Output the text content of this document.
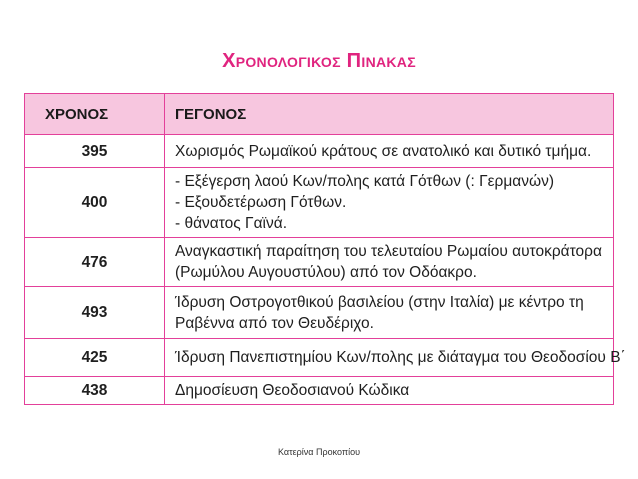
Χρονολογικος Πινακας
ΧΡΟΝΟΣ	ΓΕΓΟΝΟΣ
395	Χωρισμός Ρωμαϊκού κράτους σε ανατολικό και δυτικό τμήμα.

400	- Εξέγερση λαού Κων/πολης κατά Γότθων (: Γερμανών)
- Εξουδετέρωση Γότθων.
- θάνατος Γαϊνά.

476	Αναγκαστική παραίτηση του τελευταίου Ρωμαίου αυτοκράτορα
(Ρωμύλου Αυγουστύλου) από τον Οδόακρο.

493	Ίδρυση Οστρογοτθικού βασιλείου (στην Ιταλία) με κέντρο τη
Ραβέννα από τον Θευδέριχο.

425	Ίδρυση Πανεπιστημίου Κων/πολης με διάταγμα του Θεοδοσίου Β΄

438	Δημοσίευση Θεοδοσιανού Κώδικα
Κατερίνα Προκοπίου
